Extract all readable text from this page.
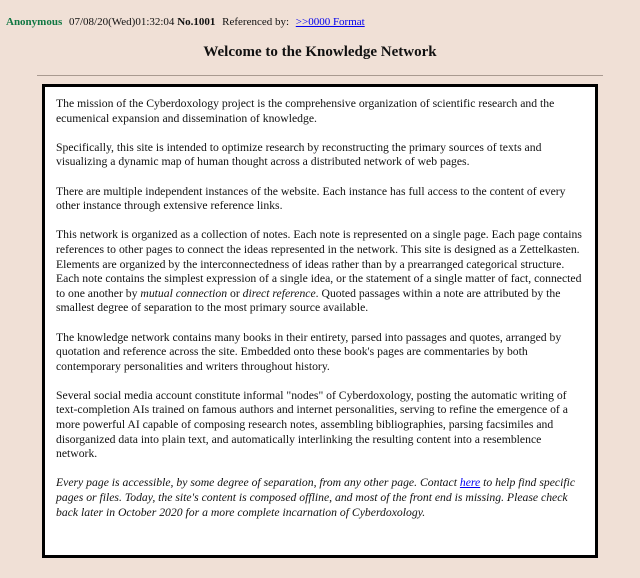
Anonymous 07/08/20(Wed)01:32:04 No.1001 Referenced by: >>0000 Format
Welcome to the Knowledge Network

The mission of the Cyberdoxology project is the comprehensive organization of scientific research and the ecumenical expansion and dissemination of knowledge.

Specifically, this site is intended to optimize research by reconstructing the primary sources of texts and visualizing a dynamic map of human thought across a distributed network of web pages.

There are multiple independent instances of the website. Each instance has full access to the content of every other instance through extensive reference links.

This network is organized as a collection of notes. Each note is represented on a single page. Each page contains references to other pages to connect the ideas represented in the network. This site is designed as a Zettelkasten. Elements are organized by the interconnectedness of ideas rather than by a prearranged categorical structure. Each note contains the simplest expression of a single idea, or the statement of a single matter of fact, connected to one another by mutual connection or direct reference. Quoted passages within a note are attributed by the smallest degree of separation to the most primary source available.

The knowledge network contains many books in their entirety, parsed into passages and quotes, arranged by quotation and reference across the site. Embedded onto these book's pages are commentaries by both contemporary personalities and writers throughout history.

Several social media account constitute informal "nodes" of Cyberdoxology, posting the automatic writing of text-completion AIs trained on famous authors and internet personalities, serving to refine the emergence of a more powerful AI capable of composing research notes, assembling bibliographies, parsing facsimiles and disorganized data into plain text, and automatically interlinking the resulting content into a resemblence network.

Every page is accessible, by some degree of separation, from any other page. Contact here to help find specific pages or files. Today, the site's content is composed offline, and most of the front end is missing. Please check back later in October 2020 for a more complete incarnation of Cyberdoxology.
